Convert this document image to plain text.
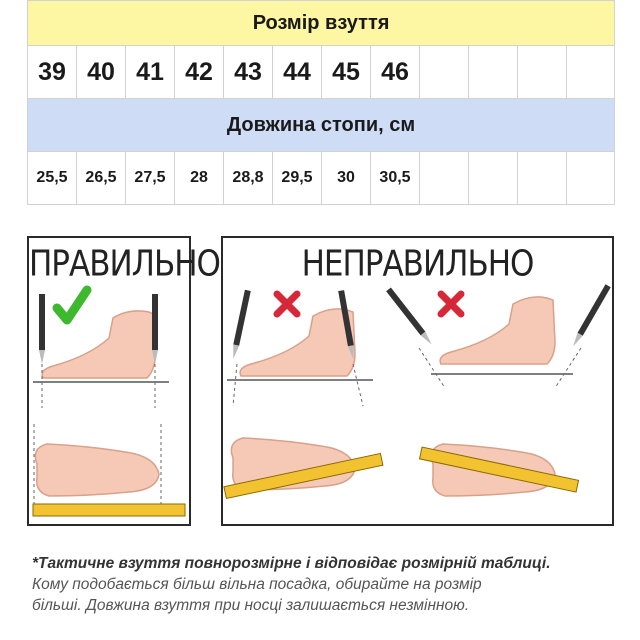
Розмір взуття											
39	40	41	42	43	44	45	46				
Довжина стопи, см											
25,5	26,5	27,5	28	28,8	29,5	30	30,5				
ПРАВИЛЬНО	НЕПРАВИЛЬНО
*Тактичне взуття повнорозмірне і відповідає розмірній таблиці.
Кому подобається більш вільна посадка, обирайте на розмір
більші. Довжина взуття при носці залишається незмінною.
